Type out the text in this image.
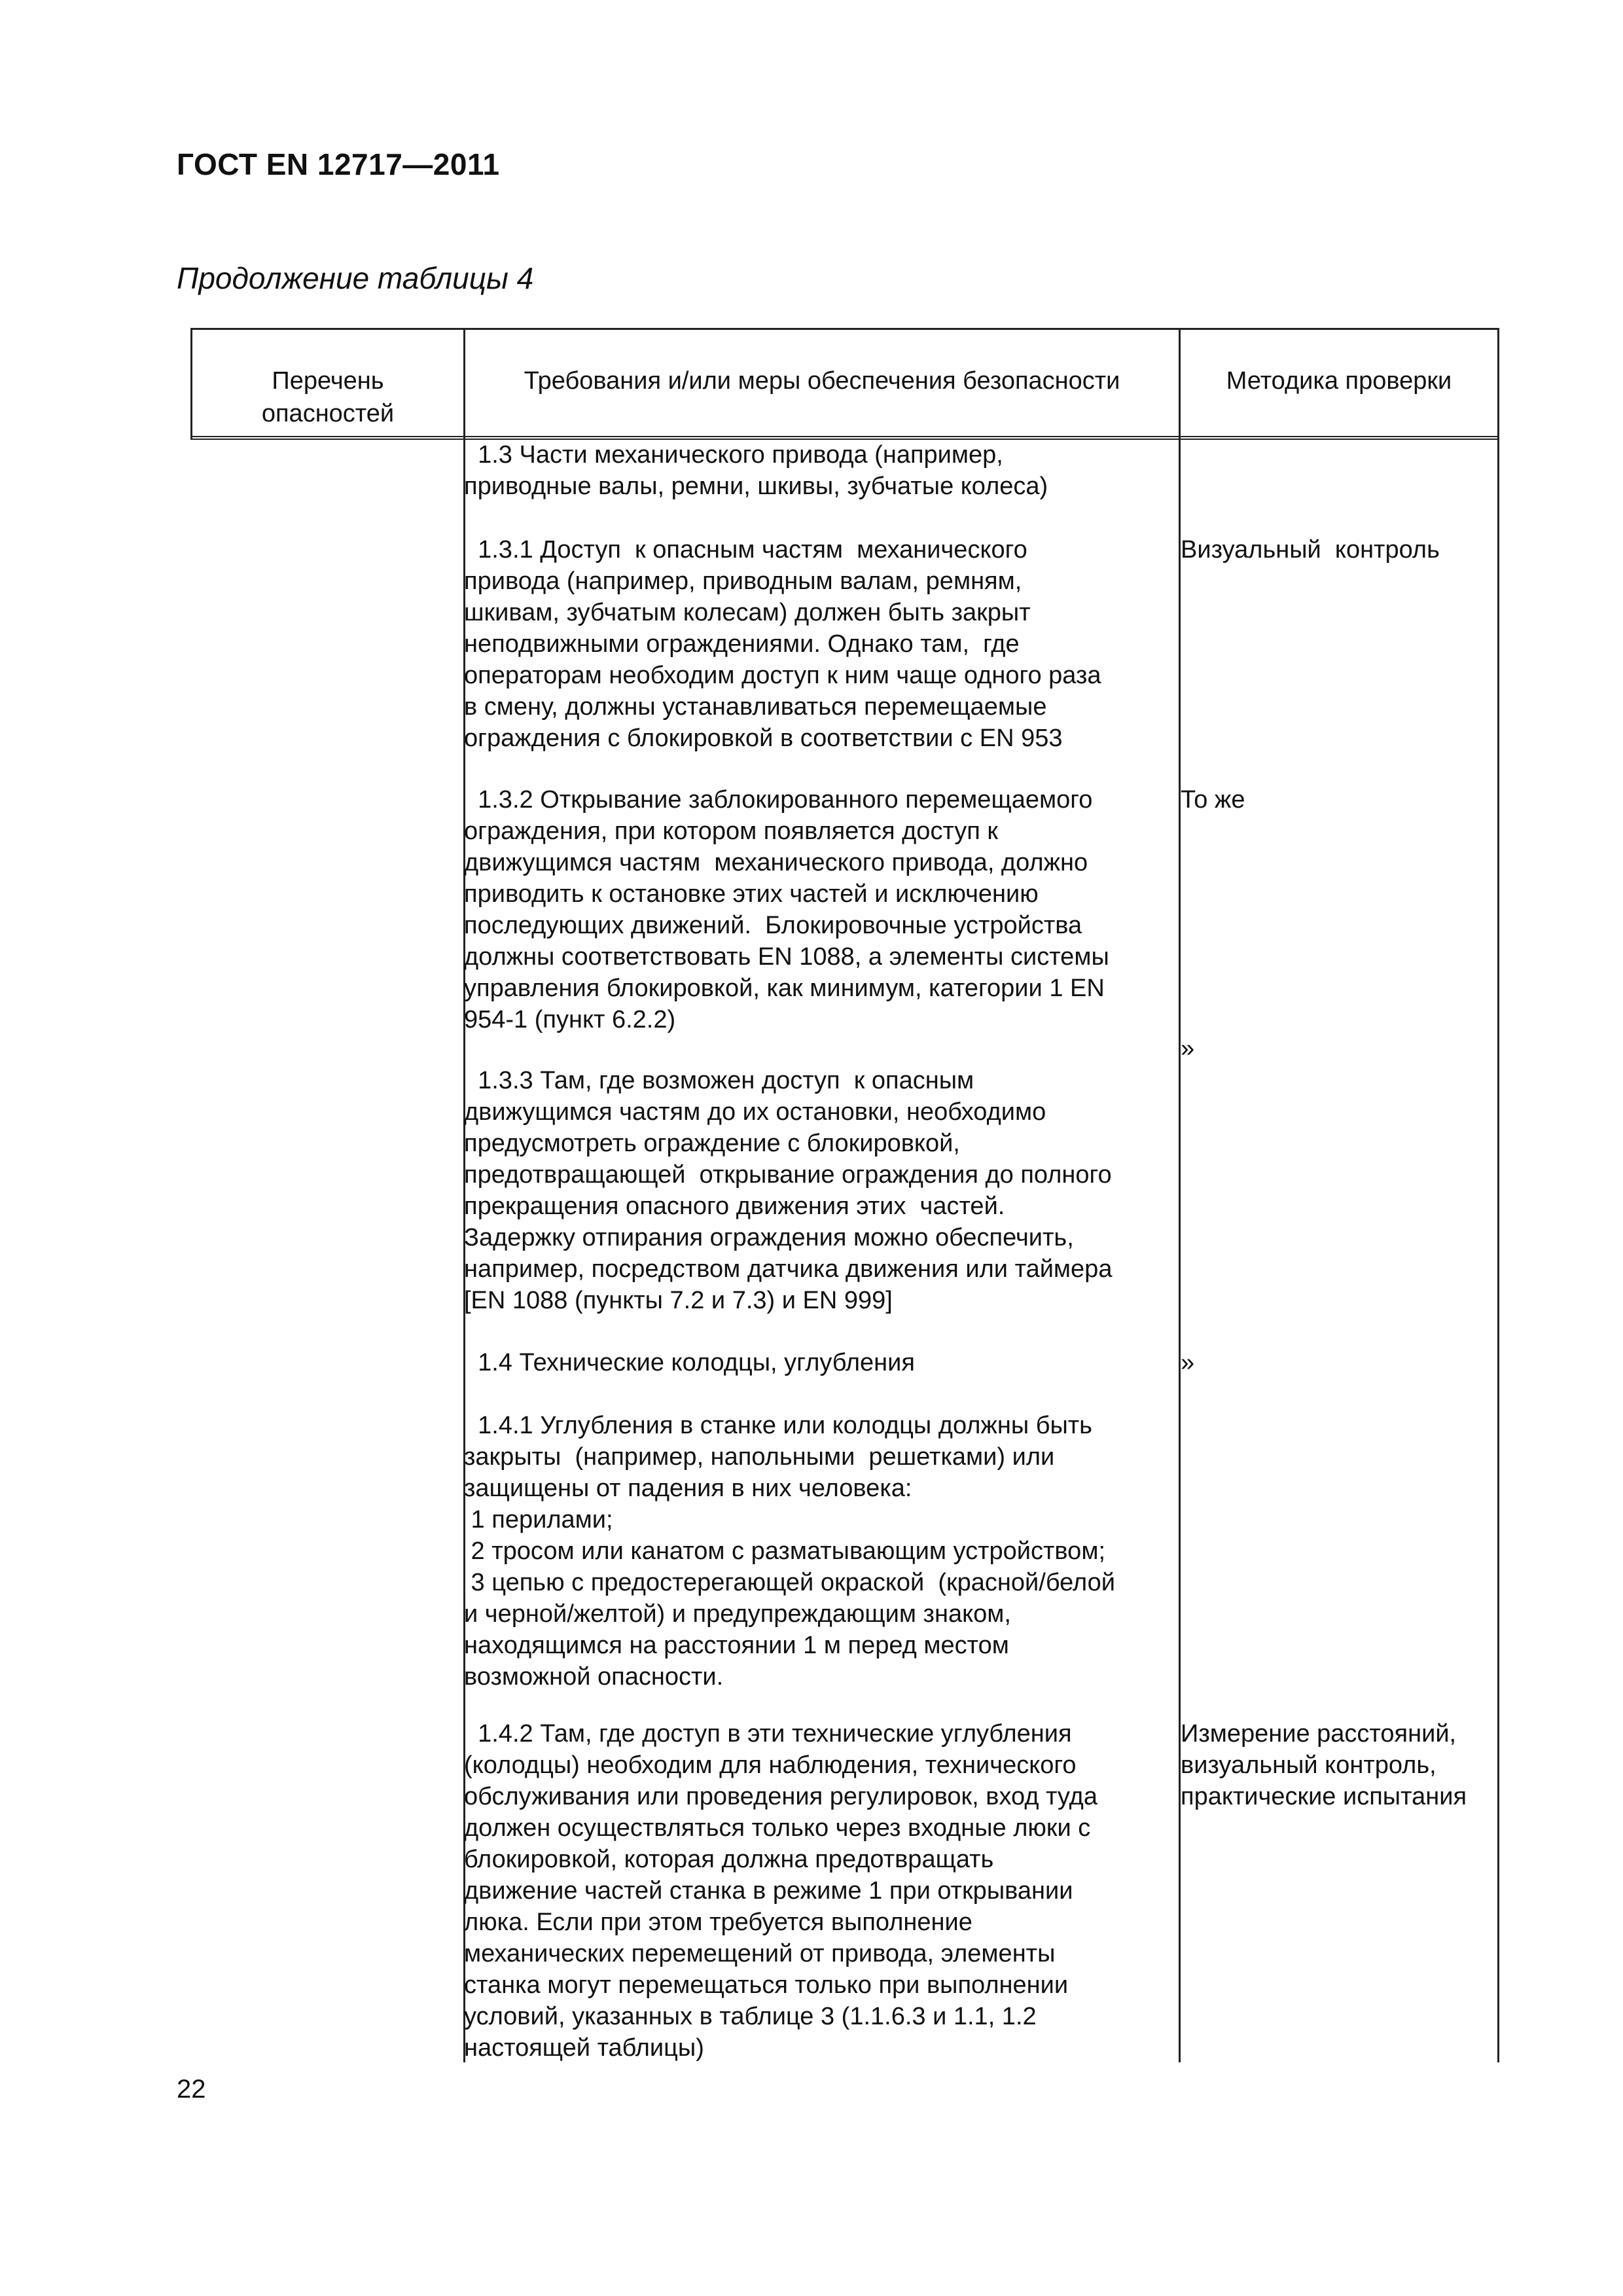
ГОСТ EN 12717—2011
Продолжение таблицы 4
Перечень
опасностей
Требования и/или меры обеспечения безопасности	Методика проверки
1.3 Части механического привода (например,
приводные валы, ремни, шкивы, зубчатые колеса)
1.3.1 Доступ  к опасным частям  механического
привода (например, приводным валам, ремням,
шкивам, зубчатым колесам) должен быть закрыт
неподвижными ограждениями. Однако там,  где
операторам необходим доступ к ним чаще одного раза
в смену, должны устанавливаться перемещаемые
ограждения с блокировкой в соответствии с EN 953
Визуальный  контроль
1.3.2 Открывание заблокированного перемещаемого
ограждения, при котором появляется доступ к
движущимся частям  механического привода, должно
приводить к остановке этих частей и исключению
последующих движений.  Блокировочные устройства
должны соответствовать EN 1088, а элементы системы
управления блокировкой, как минимум, категории 1 EN
954-1 (пункт 6.2.2)
То же
»
1.3.3 Там, где возможен доступ  к опасным
движущимся частям до их остановки, необходимо
предусмотреть ограждение с блокировкой,
предотвращающей  открывание ограждения до полного
прекращения опасного движения этих  частей.
Задержку отпирания ограждения можно обеспечить,
например, посредством датчика движения или таймера
[EN 1088 (пункты 7.2 и 7.3) и EN 999]
1.4 Технические колодцы, углубления	»
1.4.1 Углубления в станке или колодцы должны быть
закрыты  (например, напольными  решетками) или
защищены от падения в них человека:
1 перилами;
2 тросом или канатом с разматывающим устройством;
3 цепью с предостерегающей окраской  (красной/белой
и черной/желтой) и предупреждающим знаком,
находящимся на расстоянии 1 м перед местом
возможной опасности.
1.4.2 Там, где доступ в эти технические углубления
(колодцы) необходим для наблюдения, технического
обслуживания или проведения регулировок, вход туда
должен осуществляться только через входные люки с
блокировкой, которая должна предотвращать
движение частей станка в режиме 1 при открывании
люка. Если при этом требуется выполнение
механических перемещений от привода, элементы
станка могут перемещаться только при выполнении
условий, указанных в таблице 3 (1.1.6.3 и 1.1, 1.2
настоящей таблицы)
Измерение расстояний,
визуальный контроль,
практические испытания
22
